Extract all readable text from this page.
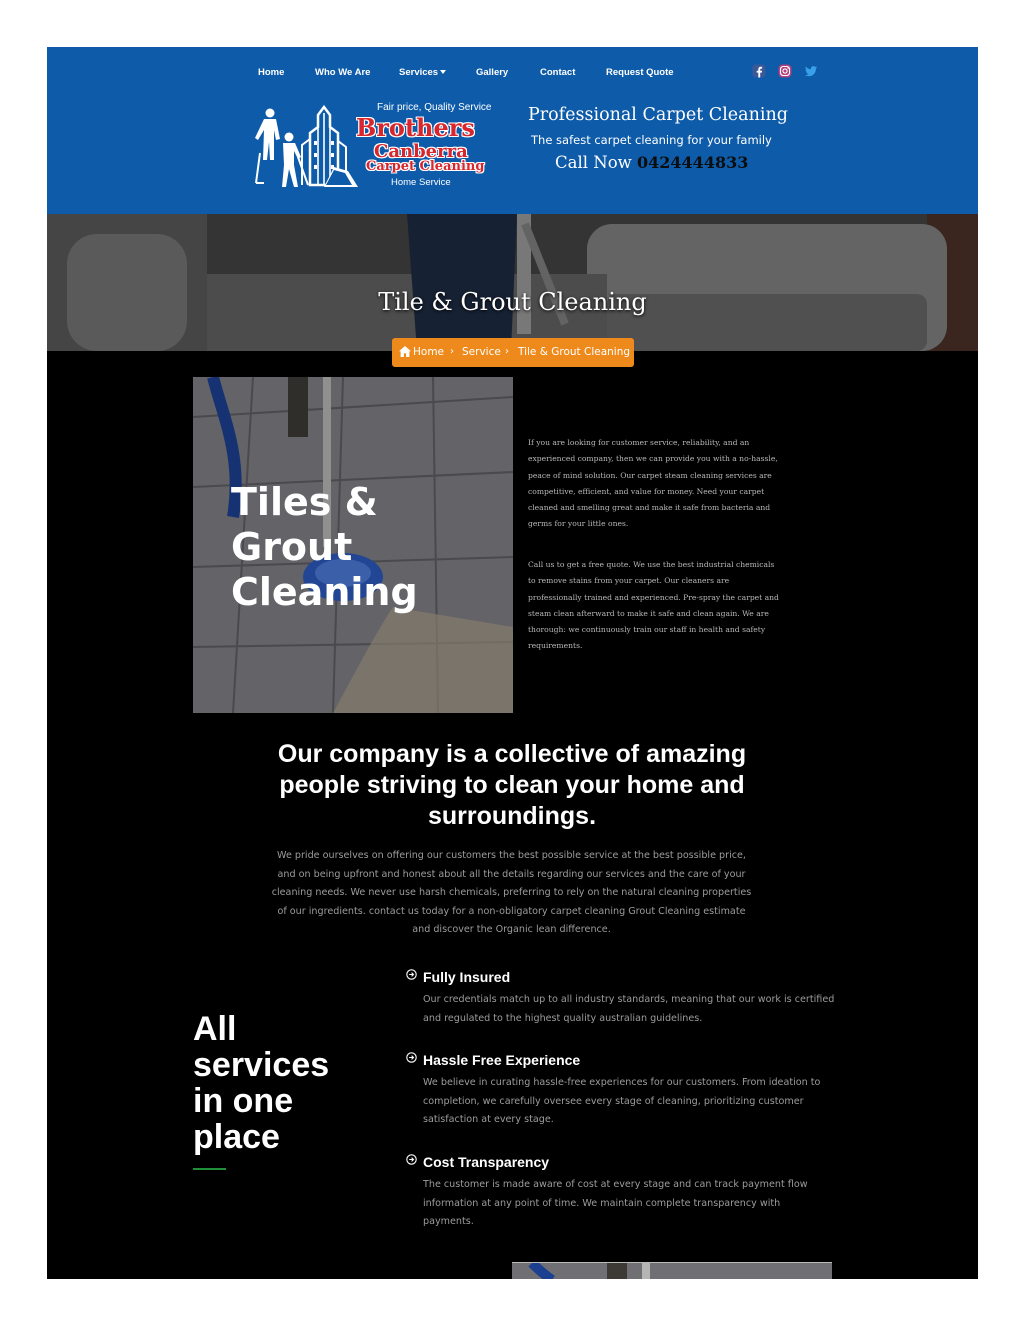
Home	Who We Are	Services	Gallery	Contact	Request Quote
Fair price, Quality Service
Brothers
Canberra
Carpet Cleaning
Home Service
Professional Carpet Cleaning
The safest carpet cleaning for your family
Call Now 0424444833
Tile & Grout Cleaning
Home › Service › Tile & Grout Cleaning
Tiles &
Grout
Cleaning

If you are looking for customer service, reliability, and an experienced company, then we can provide you with a no-hassle, peace of mind solution. Our carpet steam cleaning services are competitive, efficient, and value for money. Need your carpet cleaned and smelling great and make it safe from bacteria and germs for your little ones.

Call us to get a free quote. We use the best industrial chemicals to remove stains from your carpet. Our cleaners are professionally trained and experienced. Pre-spray the carpet and steam clean afterward to make it safe and clean again. We are thorough: we continuously train our staff in health and safety requirements.

Our company is a collective of amazing people striving to clean your home and surroundings.

We pride ourselves on offering our customers the best possible service at the best possible price, and on being upfront and honest about all the details regarding our services and the care of your cleaning needs. We never use harsh chemicals, preferring to rely on the natural cleaning properties of our ingredients. contact us today for a non-obligatory carpet cleaning Grout Cleaning estimate and discover the Organic lean difference.

All
services
in one
place
Fully Insured

Our credentials match up to all industry standards, meaning that our work is certified and regulated to the highest quality australian guidelines.

Hassle Free Experience

We believe in curating hassle-free experiences for our customers. From ideation to completion, we carefully oversee every stage of cleaning, prioritizing customer satisfaction at every stage.

Cost Transparency

The customer is made aware of cost at every stage and can track payment flow information at any point of time. We maintain complete transparency with payments.
